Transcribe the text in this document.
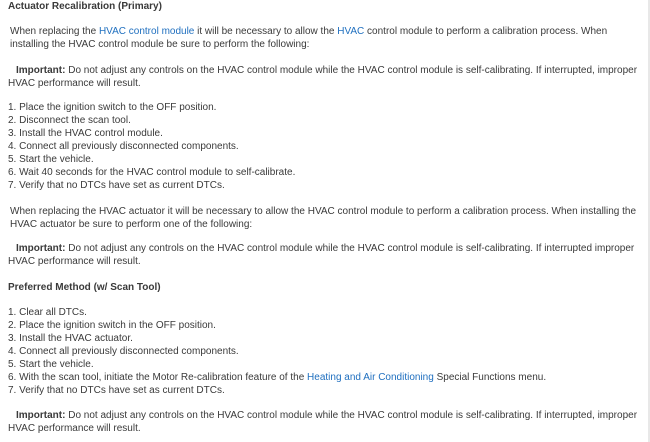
Actuator Recalibration (Primary)
When replacing the HVAC control module it will be necessary to allow the HVAC control module to perform a calibration process. When installing the HVAC control module be sure to perform the following:
Important: Do not adjust any controls on the HVAC control module while the HVAC control module is self-calibrating. If interrupted, improper HVAC performance will result.
1. Place the ignition switch to the OFF position.
2. Disconnect the scan tool.
3. Install the HVAC control module.
4. Connect all previously disconnected components.
5. Start the vehicle.
6. Wait 40 seconds for the HVAC control module to self-calibrate.
7. Verify that no DTCs have set as current DTCs.
When replacing the HVAC actuator it will be necessary to allow the HVAC control module to perform a calibration process. When installing the HVAC actuator be sure to perform one of the following:
Important: Do not adjust any controls on the HVAC control module while the HVAC control module is self-calibrating. If interrupted improper HVAC performance will result.
Preferred Method (w/ Scan Tool)
1. Clear all DTCs.
2. Place the ignition switch in the OFF position.
3. Install the HVAC actuator.
4. Connect all previously disconnected components.
5. Start the vehicle.
6. With the scan tool, initiate the Motor Re-calibration feature of the Heating and Air Conditioning Special Functions menu.
7. Verify that no DTCs have set as current DTCs.
Important: Do not adjust any controls on the HVAC control module while the HVAC control module is self-calibrating. If interrupted, improper HVAC performance will result.
